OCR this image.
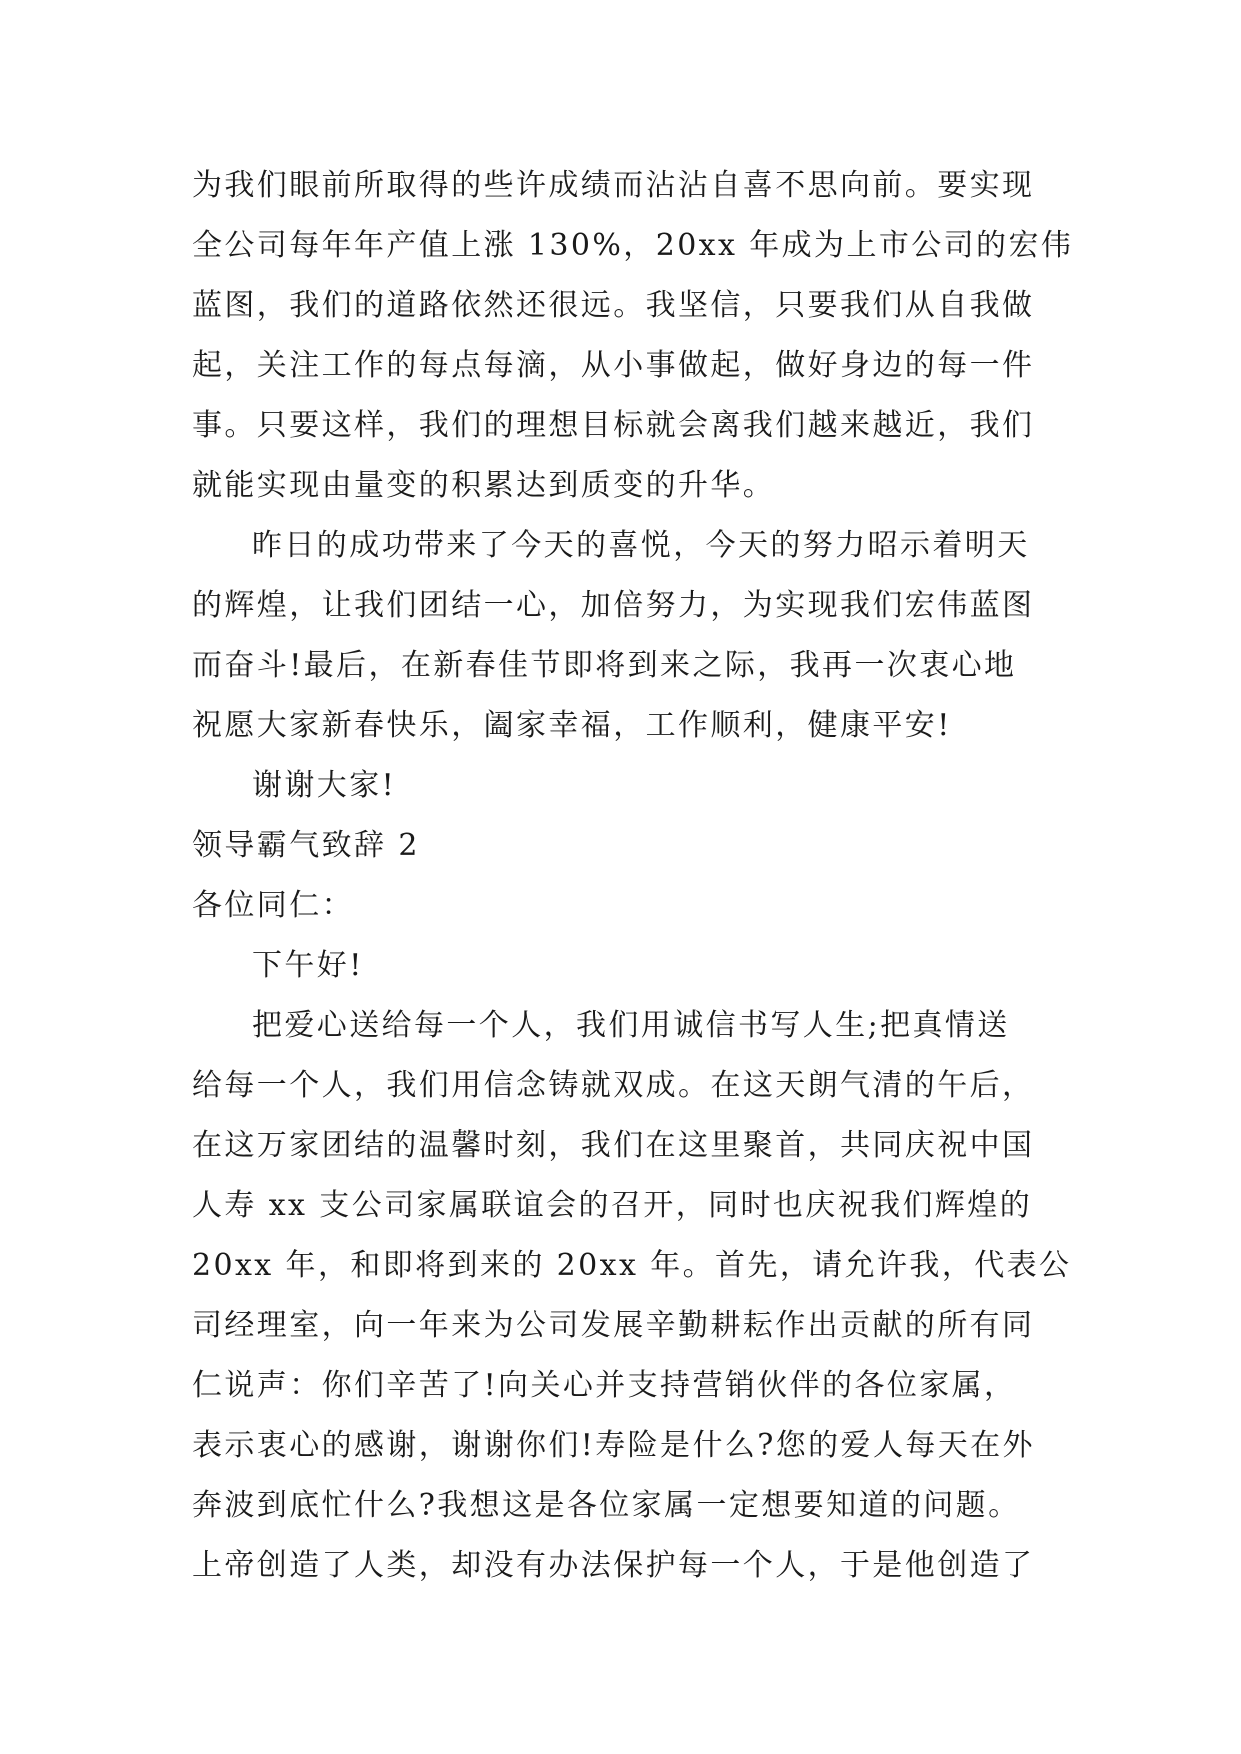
为我们眼前所取得的些许成绩而沾沾自喜不思向前。要实现
全公司每年年产值上涨 130%，20xx 年成为上市公司的宏伟
蓝图，我们的道路依然还很远。我坚信，只要我们从自我做
起，关注工作的每点每滴，从小事做起，做好身边的每一件
事。只要这样，我们的理想目标就会离我们越来越近，我们
就能实现由量变的积累达到质变的升华。
昨日的成功带来了今天的喜悦，今天的努力昭示着明天
的辉煌，让我们团结一心，加倍努力，为实现我们宏伟蓝图
而奋斗!最后，在新春佳节即将到来之际，我再一次衷心地
祝愿大家新春快乐，阖家幸福，工作顺利，健康平安!
谢谢大家!
领导霸气致辞 2
各位同仁：
下午好!
把爱心送给每一个人，我们用诚信书写人生;把真情送
给每一个人，我们用信念铸就双成。在这天朗气清的午后，
在这万家团结的温馨时刻，我们在这里聚首，共同庆祝中国
人寿 xx 支公司家属联谊会的召开，同时也庆祝我们辉煌的
20xx 年，和即将到来的 20xx 年。首先，请允许我，代表公
司经理室，向一年来为公司发展辛勤耕耘作出贡献的所有同
仁说声：你们辛苦了!向关心并支持营销伙伴的各位家属，
表示衷心的感谢，谢谢你们!寿险是什么?您的爱人每天在外
奔波到底忙什么?我想这是各位家属一定想要知道的问题。
上帝创造了人类，却没有办法保护每一个人，于是他创造了
